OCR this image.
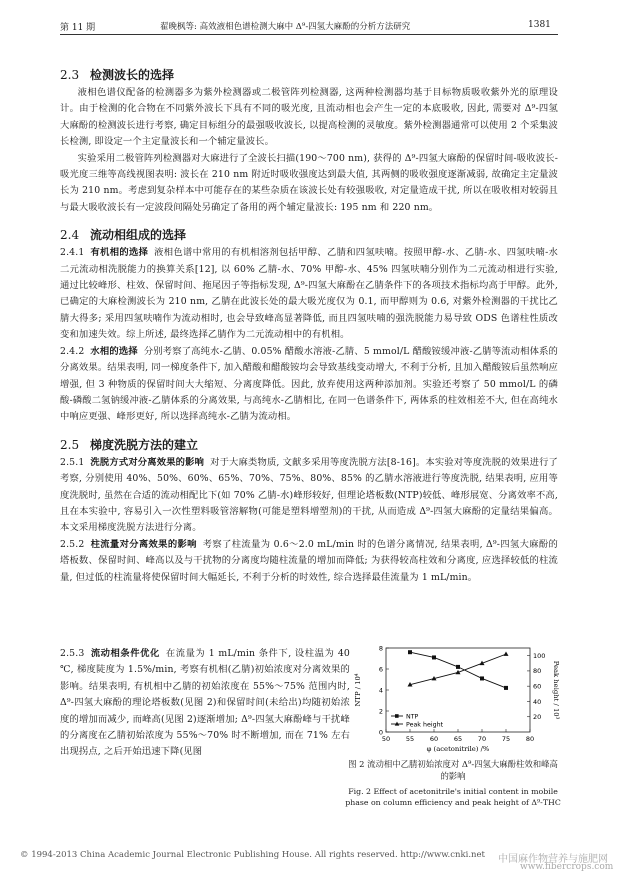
第 11 期	翟晚枫等: 高效液相色谱检测大麻中 Δ⁹-四氢大麻酚的分析方法研究	1381
2.3 检测波长的选择

液相色谱仪配备的检测器多为紫外检测器或二极管阵列检测器, 这两种检测器均基于目标物质吸收紫外光的原理设计。由于检测的化合物在不同紫外波长下具有不同的吸光度, 且流动相也会产生一定的本底吸收, 因此, 需要对 Δ⁹-四氢大麻酚的检测波长进行考察, 确定目标组分的最强吸收波长, 以提高检测的灵敏度。紫外检测器通常可以使用 2 个采集波长检测, 即设定一个主定量波长和一个辅定量波长。

实验采用二极管阵列检测器对大麻进行了全波长扫描(190～700 nm), 获得的 Δ⁹-四氢大麻酚的保留时间-吸收波长-吸光度三维等高线视图表明: 波长在 210 nm 附近时吸收强度达到最大值, 其两侧的吸收强度逐渐减弱, 故确定主定量波长为 210 nm。考虑到复杂样本中可能存在的某些杂质在该波长处有较强吸收, 对定量造成干扰, 所以在吸收相对较弱且与最大吸收波长有一定波段间隔处另确定了备用的两个辅定量波长: 195 nm 和 220 nm。

2.4 流动相组成的选择

2.4.1 有机相的选择 液相色谱中常用的有机相溶剂包括甲醇、乙腈和四氢呋喃。按照甲醇-水、乙腈-水、四氢呋喃-水二元流动相洗脱能力的换算关系[12], 以 60% 乙腈-水、70% 甲醇-水、45% 四氢呋喃分别作为二元流动相进行实验, 通过比较峰形、柱效、保留时间、拖尾因子等指标发现, Δ⁹-四氢大麻酚在乙腈条件下的各项技术指标均高于甲醇。此外, 已确定的大麻检测波长为 210 nm, 乙腈在此波长处的最大吸光度仅为 0.1, 而甲醇则为 0.6, 对紫外检测器的干扰比乙腈大得多; 采用四氢呋喃作为流动相时, 也会导致峰高显著降低, 而且四氢呋喃的强洗脱能力易导致 ODS 色谱柱性质改变和加速失效。综上所述, 最终选择乙腈作为二元流动相中的有机相。

2.4.2 水相的选择 分别考察了高纯水-乙腈、0.05% 醋酸水溶液-乙腈、5 mmol/L 醋酸铵缓冲液-乙腈等流动相体系的分离效果。结果表明, 同一梯度条件下, 加入醋酸和醋酸铵均会导致基线变动增大, 不利于分析, 且加入醋酸铵后虽然响应增强, 但 3 种物质的保留时间大大缩短、分离度降低。因此, 放弃使用这两种添加剂。实验还考察了 50 mmol/L 的磷酸-磷酸二氢钠缓冲液-乙腈体系的分离效果, 与高纯水-乙腈相比, 在同一色谱条件下, 两体系的柱效相差不大, 但在高纯水中响应更强、峰形更好, 所以选择高纯水-乙腈为流动相。

2.5 梯度洗脱方法的建立

2.5.1 洗脱方式对分离效果的影响 对于大麻类物质, 文献多采用等度洗脱方法[8-16]。本实验对等度洗脱的效果进行了考察, 分别使用 40%、50%、60%、65%、70%、75%、80%、85% 的乙腈水溶液进行等度洗脱, 结果表明, 应用等度洗脱时, 虽然在合适的流动相配比下(如 70% 乙腈-水)峰形较好, 但理论塔板数(NTP)较低、峰形展宽、分离效率不高, 且在本实验中, 容易引入一次性塑料吸管溶解物(可能是塑料增塑剂)的干扰, 从而造成 Δ⁹-四氢大麻酚的定量结果偏高。本文采用梯度洗脱方法进行分离。

2.5.2 柱流量对分离效果的影响 考察了柱流量为 0.6～2.0 mL/min 时的色谱分离情况, 结果表明, Δ⁹-四氢大麻酚的塔板数、保留时间、峰高以及与干扰物的分离度均随柱流量的增加而降低; 为获得较高柱效和分离度, 应选择较低的柱流量, 但过低的柱流量将使保留时间大幅延长, 不利于分析的时效性, 综合选择最佳流量为 1 mL/min。

2.5.3 流动相条件优化 在流量为 1 mL/min 条件下, 设柱温为 40 ℃, 梯度陡度为 1.5%/min, 考察有机相(乙腈)初始浓度对分离效果的影响。结果表明, 有机相中乙腈的初始浓度在 55%～75% 范围内时, Δ⁹-四氢大麻酚的理论塔板数(见图 2)和保留时间(未给出)均随初始浓度的增加而减少, 而峰高(见图 2)逐渐增加; Δ⁹-四氢大麻酚峰与干扰峰的分离度在乙腈初始浓度为 55%～70% 时不断增加, 而在 71% 左右出现拐点, 之后开始迅速下降(见图

50 55 60 65 70 75 80
0
2
4
6
8
20
40
60
80
100
φ (acetonitrile) /%
NTP / 10⁴	Peak height / 10³
NTP
Peak height
图 2 流动相中乙腈初始浓度对 Δ⁹-四氢大麻酚柱效和峰高的影响
Fig. 2 Effect of acetonitrile's initial content in mobile phase on column efficiency and peak height of Δ⁹-THC
© 1994-2013 China Academic Journal Electronic Publishing House. All rights reserved. http://www.cnki.net 中国麻作物营养与施肥网
www.fibercrops.com
